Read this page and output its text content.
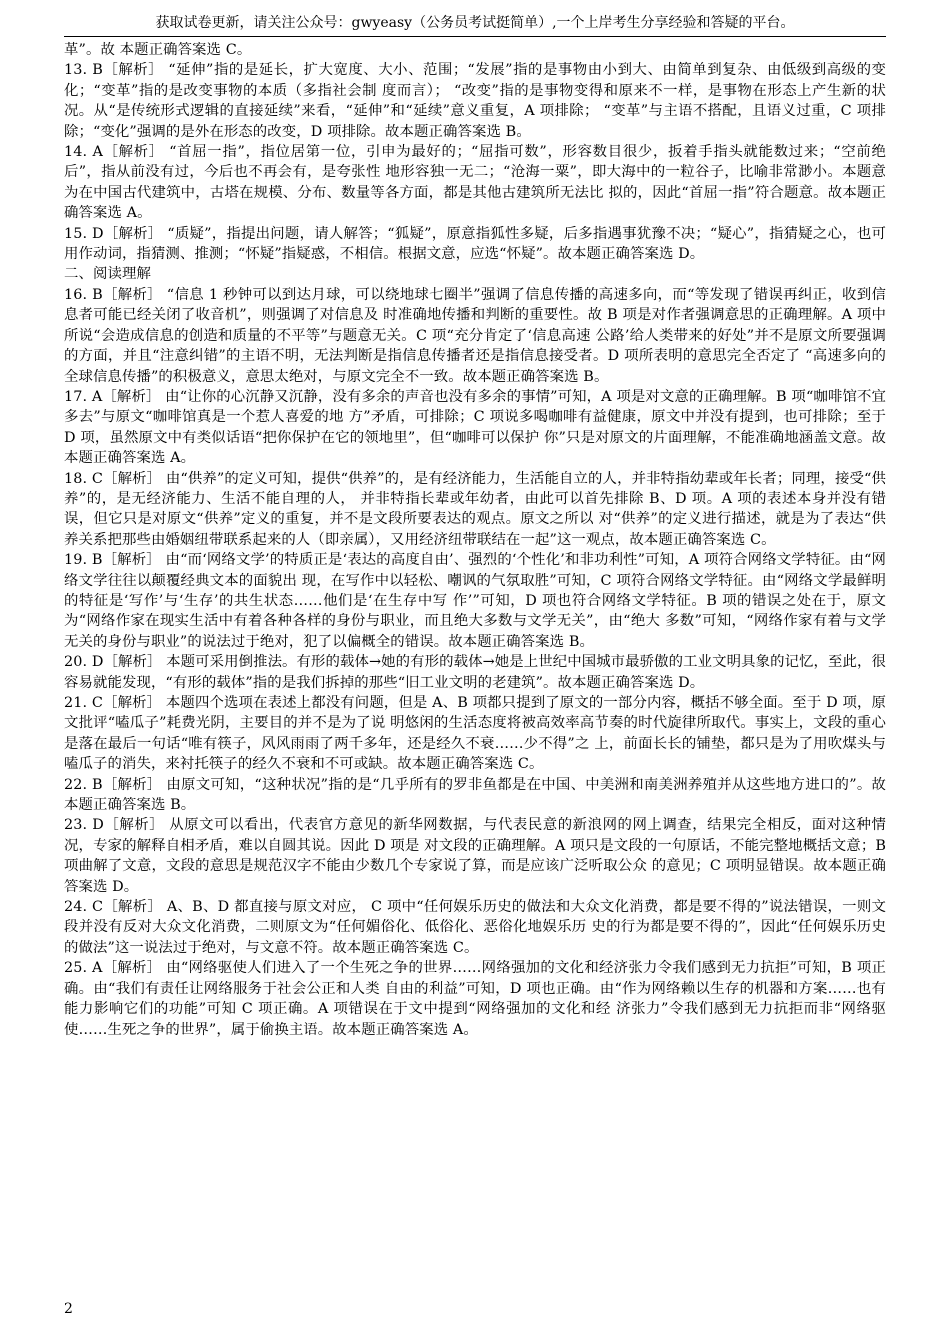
获取试卷更新，请关注公众号：gwyeasy（公务员考试挺简单）,一个上岸考生分享经验和答疑的平台。

革”。故 本题正确答案选 C。

13. B［解析］ “延伸”指的是延长，扩大宽度、大小、范围；“发展”指的是事物由小到大、由简单到复杂、由低级到高级的变化；“变革”指的是改变事物的本质（多指社会制 度而言）； “改变”指的是事物变得和原来不一样，是事物在形态上产生新的状况。从“是传统形式逻辑的直接延续”来看，“延伸”和“延续”意义重复，A 项排除； “变革”与主语不搭配，且语义过重，C 项排除；“变化”强调的是外在形态的改变，D 项排除。故本题正确答案选 B。

14. A［解析］ “首屈一指”，指位居第一位，引申为最好的；“屈指可数”，形容数目很少，扳着手指头就能数过来；“空前绝后”，指从前没有过，今后也不再会有，是夸张性 地形容独一无二；“沧海一粟”，即大海中的一粒谷子，比喻非常渺小。本题意为在中国古代建筑中，古塔在规模、分布、数量等各方面，都是其他古建筑所无法比 拟的，因此“首屈一指”符合题意。故本题正确答案选 A。

15. D［解析］ “质疑”，指提出问题，请人解答；“狐疑”，原意指狐性多疑，后多指遇事犹豫不决；“疑心”，指猜疑之心，也可用作动词，指猜测、推测；“怀疑”指疑惑，不相信。根据文意，应选“怀疑”。故本题正确答案选 D。

二、阅读理解

16. B［解析］ “信息 1 秒钟可以到达月球，可以绕地球七圈半”强调了信息传播的高速多向，而“等发现了错误再纠正，收到信息者可能已经关闭了收音机”，则强调了对信息及 时准确地传播和判断的重要性。故 B 项是对作者强调意思的正确理解。A 项中所说“会造成信息的创造和质量的不平等”与题意无关。C 项“充分肯定了‘信息高速 公路’给人类带来的好处”并不是原文所要强调的方面，并且“注意纠错”的主语不明，无法判断是指信息传播者还是指信息接受者。D 项所表明的意思完全否定了 “高速多向的全球信息传播”的积极意义，意思太绝对，与原文完全不一致。故本题正确答案选 B。

17. A［解析］ 由“让你的心沉静又沉静，没有多余的声音也没有多余的事情”可知，A 项是对文意的正确理解。B 项“咖啡馆不宜多去”与原文“咖啡馆真是一个惹人喜爱的地 方”矛盾，可排除；C 项说多喝咖啡有益健康，原文中并没有提到，也可排除；至于 D 项，虽然原文中有类似话语“把你保护在它的领地里”，但“咖啡可以保护 你”只是对原文的片面理解，不能准确地涵盖文意。故本题正确答案选 A。

18. C［解析］ 由“供养”的定义可知，提供“供养”的，是有经济能力，生活能自立的人，并非特指幼辈或年长者；同理，接受“供养”的，是无经济能力、生活不能自理的人， 并非特指长辈或年幼者，由此可以首先排除 B、D 项。A 项的表述本身并没有错误，但它只是对原文“供养”定义的重复，并不是文段所要表达的观点。原文之所以 对“供养”的定义进行描述，就是为了表达“供养关系把那些由婚姻纽带联系起来的人（即亲属），又用经济纽带联结在一起”这一观点，故本题正确答案选 C。

19. B［解析］ 由“而‘网络文学’的特质正是‘表达的高度自由’、强烈的‘个性化’和非功利性”可知，A 项符合网络文学特征。由“网络文学往往以颠覆经典文本的面貌出 现，在写作中以轻松、嘲讽的气氛取胜”可知，C 项符合网络文学特征。由“网络文学最鲜明的特征是‘写作’与‘生存’的共生状态……他们是‘在生存中写 作’”可知，D 项也符合网络文学特征。B 项的错误之处在于，原文为“网络作家在现实生活中有着各种各样的身份与职业，而且绝大多数与文学无关”，由“绝大 多数”可知，“网络作家有着与文学无关的身份与职业”的说法过于绝对，犯了以偏概全的错误。故本题正确答案选 B。

20. D［解析］ 本题可采用倒推法。有形的载体→她的有形的载体→她是上世纪中国城市最骄傲的工业文明具象的记忆，至此，很容易就能发现，“有形的载体”指的是我们拆掉的那些“旧工业文明的老建筑”。故本题正确答案选 D。

21. C［解析］ 本题四个选项在表述上都没有问题，但是 A、B 项都只提到了原文的一部分内容，概括不够全面。至于 D 项，原文批评“嗑瓜子”耗费光阴，主要目的并不是为了说 明悠闲的生活态度将被高效率高节奏的时代旋律所取代。事实上，文段的重心是落在最后一句话“唯有筷子，风风雨雨了两千多年，还是经久不衰……少不得”之 上，前面长长的铺垫，都只是为了用吹煤头与嗑瓜子的消失，来衬托筷子的经久不衰和不可或缺。故本题正确答案选 C。

22. B［解析］ 由原文可知，“这种状况”指的是“几乎所有的罗非鱼都是在中国、中美洲和南美洲养殖并从这些地方进口的”。故本题正确答案选 B。

23. D［解析］ 从原文可以看出，代表官方意见的新华网数据，与代表民意的新浪网的网上调查，结果完全相反，面对这种情况，专家的解释自相矛盾，难以自圆其说。因此 D 项是 对文段的正确理解。A 项只是文段的一句原话，不能完整地概括文意；B 项曲解了文意，文段的意思是规范汉字不能由少数几个专家说了算，而是应该广泛听取公众 的意见；C 项明显错误。故本题正确答案选 D。

24. C［解析］ A、B、D 都直接与原文对应， C 项中“任何娱乐历史的做法和大众文化消费，都是要不得的”说法错误，一则文段并没有反对大众文化消费，二则原文为“任何媚俗化、低俗化、恶俗化地娱乐历 史的行为都是要不得的”，因此“任何娱乐历史的做法”这一说法过于绝对，与文意不符。故本题正确答案选 C。

25. A［解析］ 由“网络驱使人们进入了一个生死之争的世界……网络强加的文化和经济张力令我们感到无力抗拒”可知，B 项正确。由“我们有责任让网络服务于社会公正和人类 自由的利益”可知，D 项也正确。由“作为网络赖以生存的机器和方案……也有能力影响它们的功能”可知 C 项正确。A 项错误在于文中提到“网络强加的文化和经 济张力”令我们感到无力抗拒而非“网络驱使……生死之争的世界”，属于偷换主语。故本题正确答案选 A。

2
